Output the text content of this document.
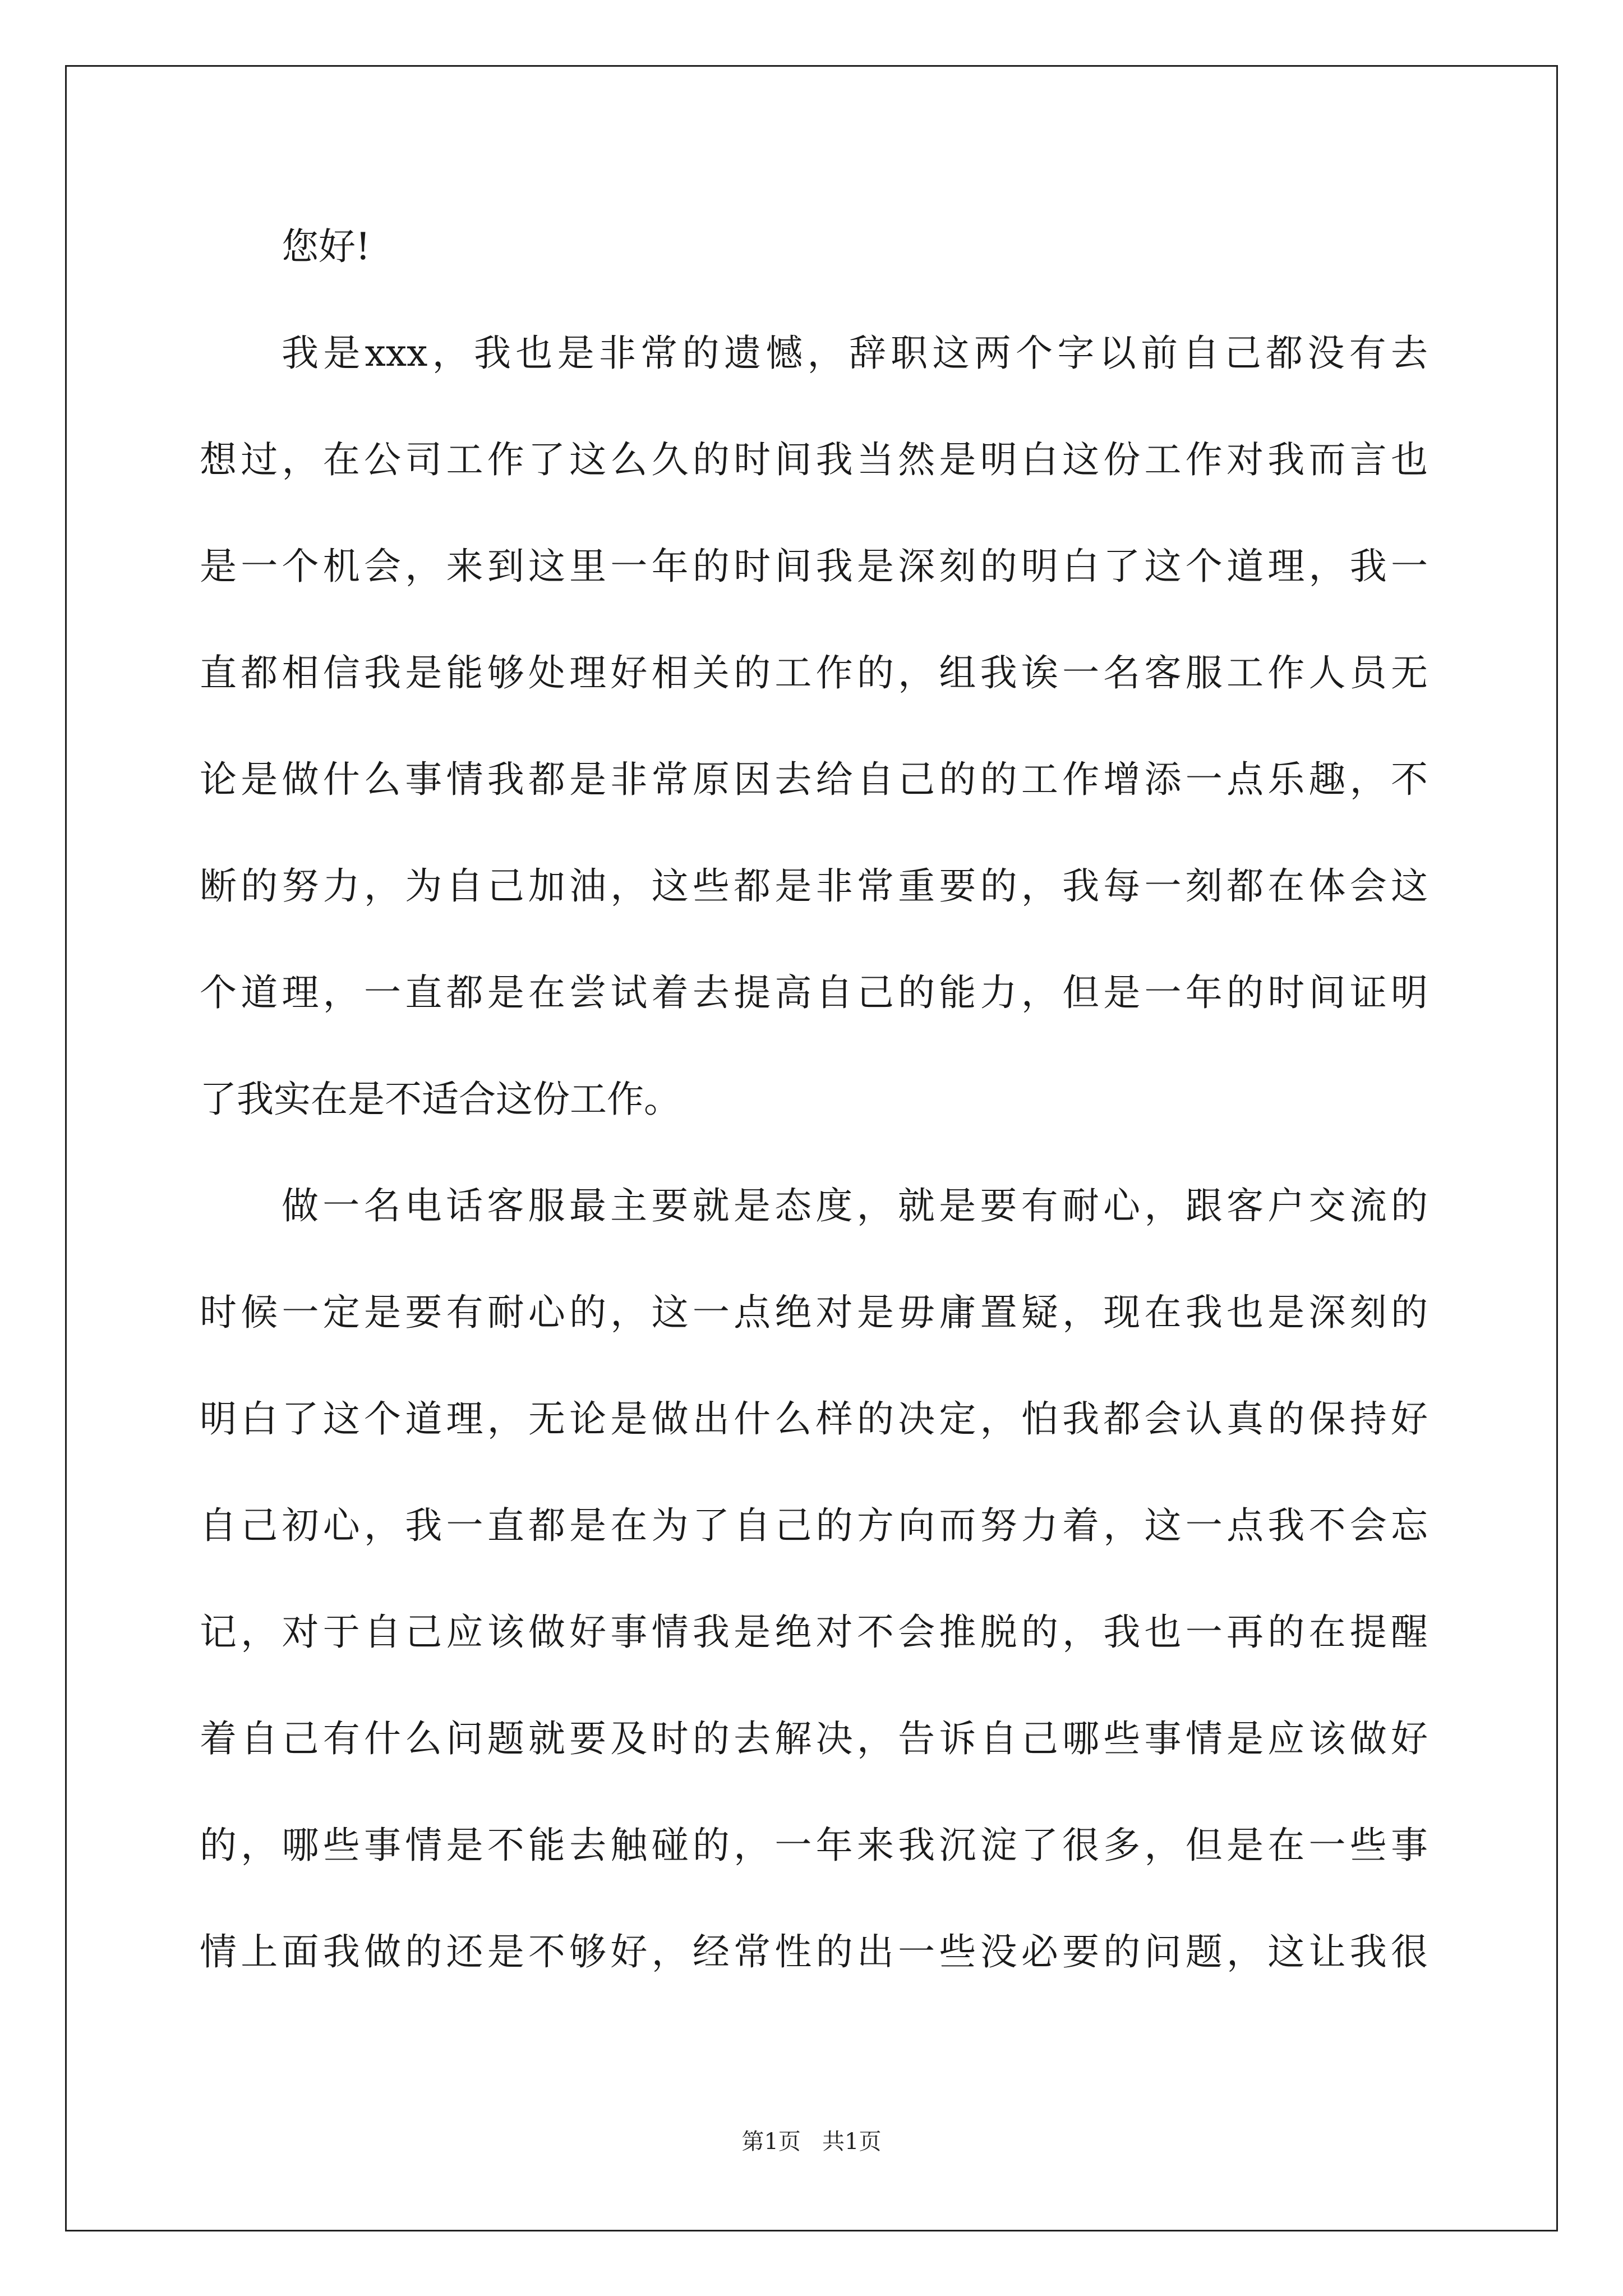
您好!
我是xxx，我也是非常的遗憾，辞职这两个字以前自己都没有去
想过，在公司工作了这么久的时间我当然是明白这份工作对我而言也
是一个机会，来到这里一年的时间我是深刻的明白了这个道理，我一
直都相信我是能够处理好相关的工作的，组我诶一名客服工作人员无
论是做什么事情我都是非常原因去给自己的的工作增添一点乐趣，不
断的努力，为自己加油，这些都是非常重要的，我每一刻都在体会这
个道理，一直都是在尝试着去提高自己的能力，但是一年的时间证明
了我实在是不适合这份工作。
做一名电话客服最主要就是态度，就是要有耐心，跟客户交流的
时候一定是要有耐心的，这一点绝对是毋庸置疑，现在我也是深刻的
明白了这个道理，无论是做出什么样的决定，怕我都会认真的保持好
自己初心，我一直都是在为了自己的方向而努力着，这一点我不会忘
记，对于自己应该做好事情我是绝对不会推脱的，我也一再的在提醒
着自己有什么问题就要及时的去解决，告诉自己哪些事情是应该做好
的，哪些事情是不能去触碰的，一年来我沉淀了很多，但是在一些事
情上面我做的还是不够好，经常性的出一些没必要的问题，这让我很
第1页   共1页
